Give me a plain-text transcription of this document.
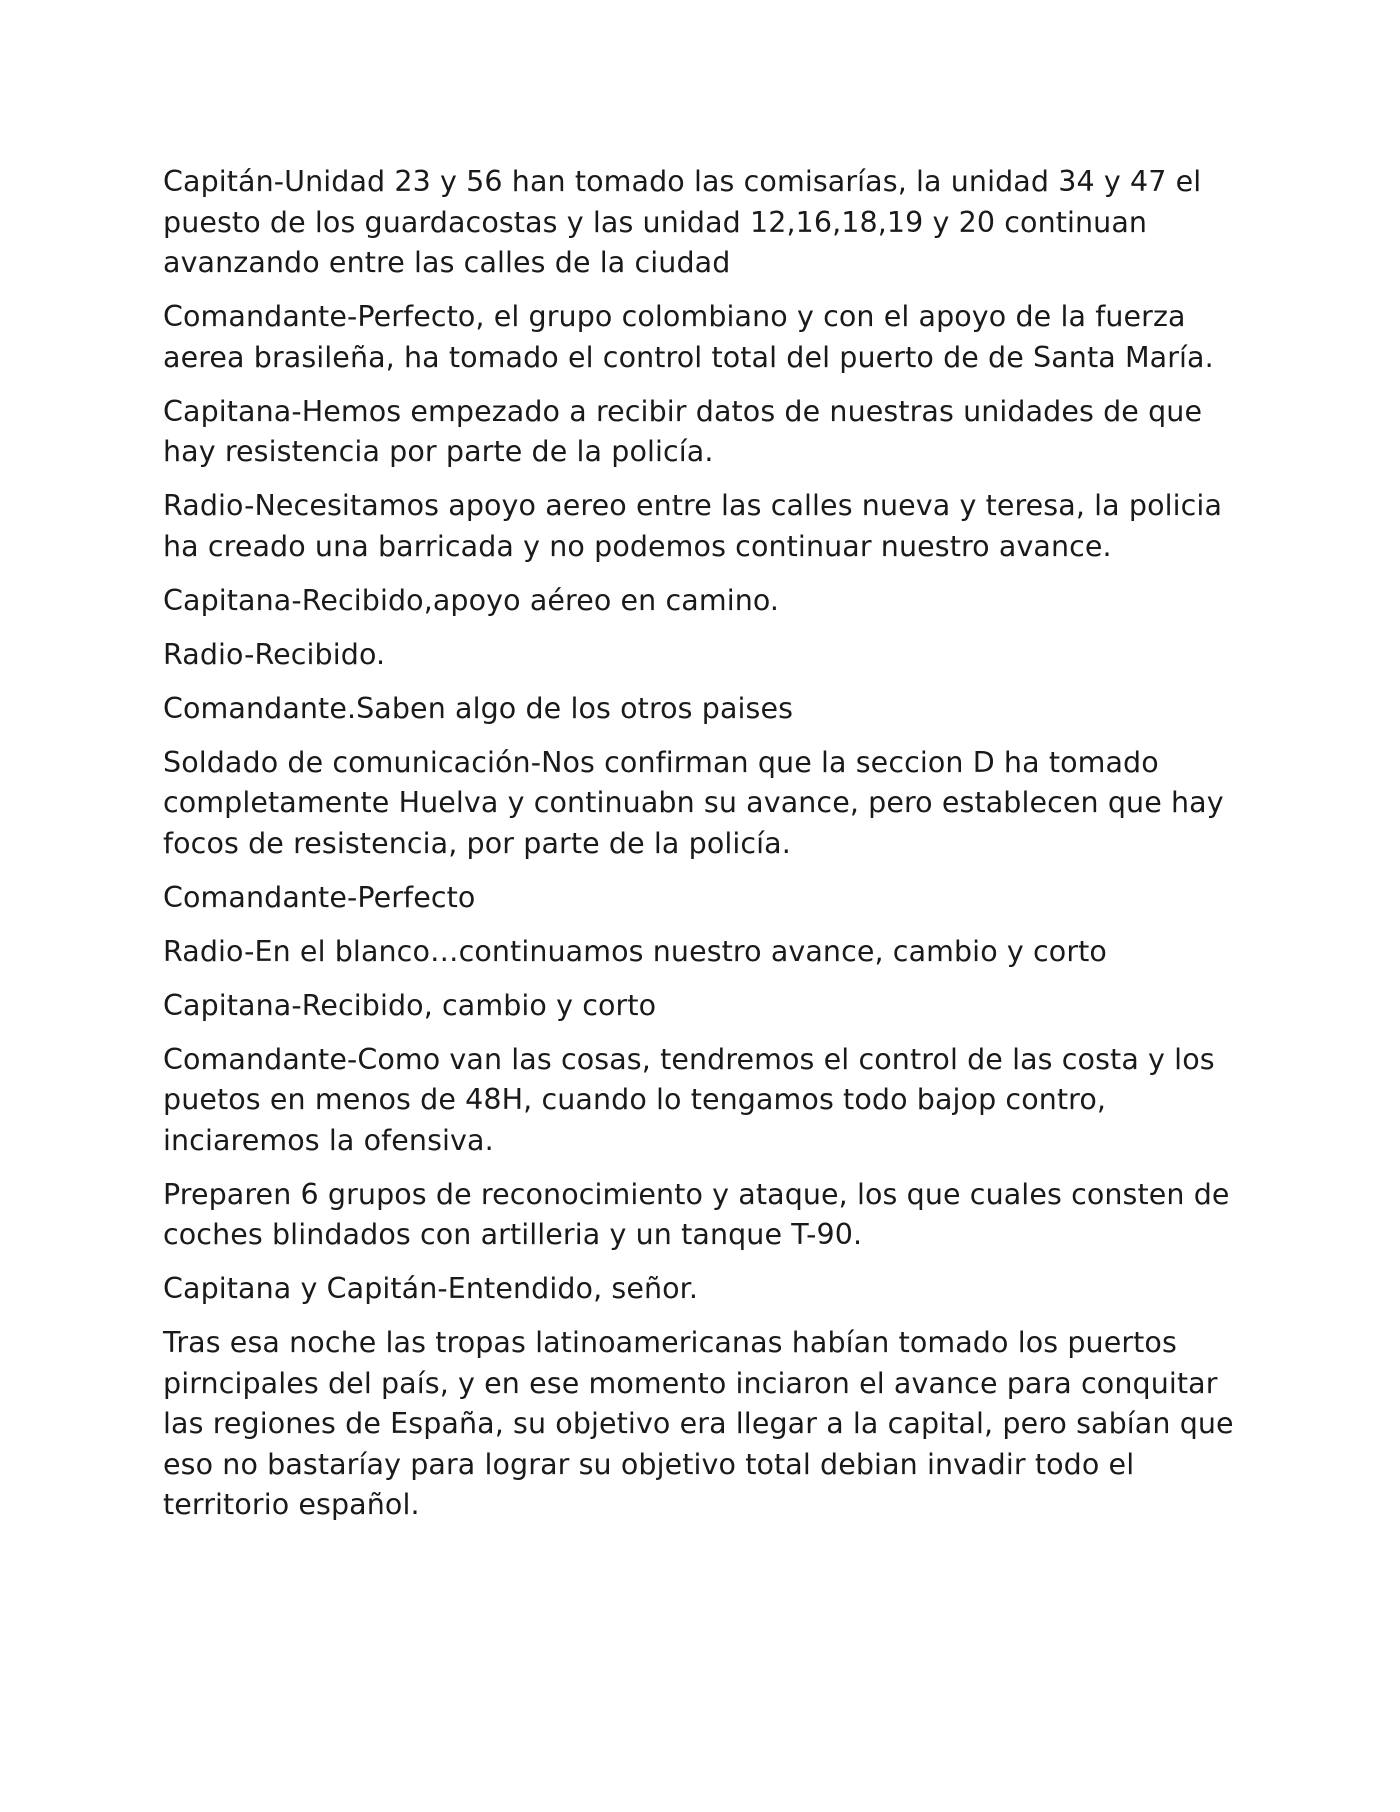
Capitán-Unidad 23 y 56 han tomado las comisarías, la unidad 34 y 47 el puesto de los guardacostas y las unidad 12,16,18,19 y 20 continuan avanzando entre las calles de la ciudad

Comandante-Perfecto, el grupo colombiano y con el apoyo de la fuerza aerea brasileña, ha tomado el control total del puerto de de Santa María.

Capitana-Hemos empezado a recibir datos de nuestras unidades de que hay resistencia por parte de la policía.

Radio-Necesitamos apoyo aereo entre las calles nueva y teresa, la policia ha creado una barricada y no podemos continuar nuestro avance.

Capitana-Recibido,apoyo aéreo en camino.

Radio-Recibido.

Comandante.Saben algo de los otros paises

Soldado de comunicación-Nos confirman que la seccion D ha tomado completamente Huelva y continuabn su avance, pero establecen que hay focos de resistencia, por parte de la policía.

Comandante-Perfecto

Radio-En el blanco…continuamos nuestro avance, cambio y corto

Capitana-Recibido, cambio y corto

Comandante-Como van las cosas, tendremos el control de las costa y los puetos en menos de 48H, cuando lo tengamos todo bajop contro, inciaremos la ofensiva.

Preparen 6 grupos de reconocimiento y ataque, los que cuales consten de coches blindados con artilleria y un tanque T-90.

Capitana y Capitán-Entendido, señor.

Tras esa noche las tropas latinoamericanas habían tomado los puertos pirncipales del país, y en ese momento inciaron el avance para conquitar las regiones de España, su objetivo era llegar a la capital, pero sabían que eso no bastaríay para lograr su objetivo total debian invadir todo el territorio español.
